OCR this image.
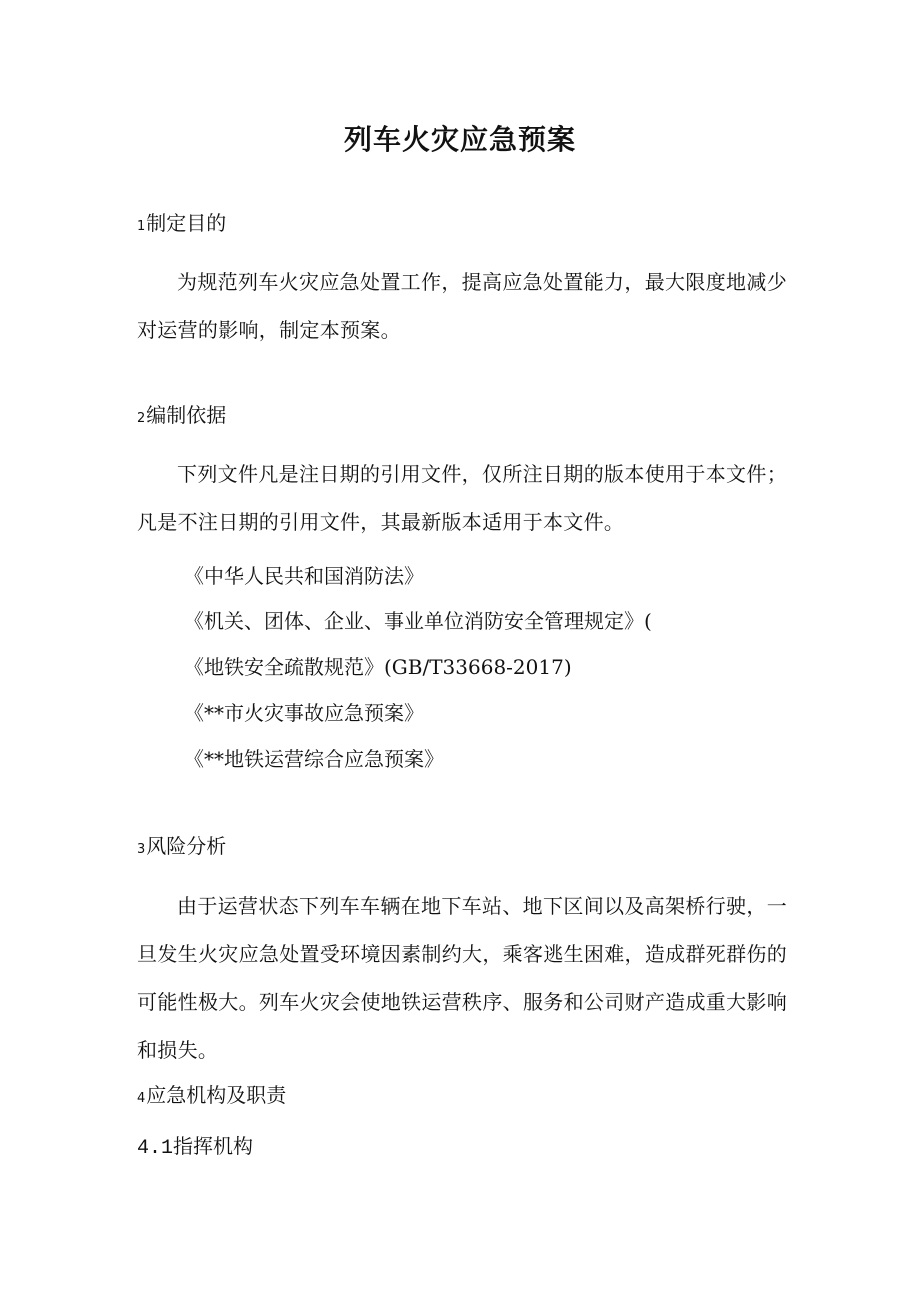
列车火灾应急预案
1制定目的
为规范列车火灾应急处置工作，提高应急处置能力，最大限度地减少对运营的影响，制定本预案。
2编制依据
下列文件凡是注日期的引用文件，仅所注日期的版本使用于本文件；凡是不注日期的引用文件，其最新版本适用于本文件。
《中华人民共和国消防法》
《机关、团体、企业、事业单位消防安全管理规定》(
《地铁安全疏散规范》(GB/T33668-2017)
《**市火灾事故应急预案》
《**地铁运营综合应急预案》
3风险分析
由于运营状态下列车车辆在地下车站、地下区间以及高架桥行驶，一旦发生火灾应急处置受环境因素制约大，乘客逃生困难，造成群死群伤的可能性极大。列车火灾会使地铁运营秩序、服务和公司财产造成重大影响和损失。
4应急机构及职责
4.1指挥机构
